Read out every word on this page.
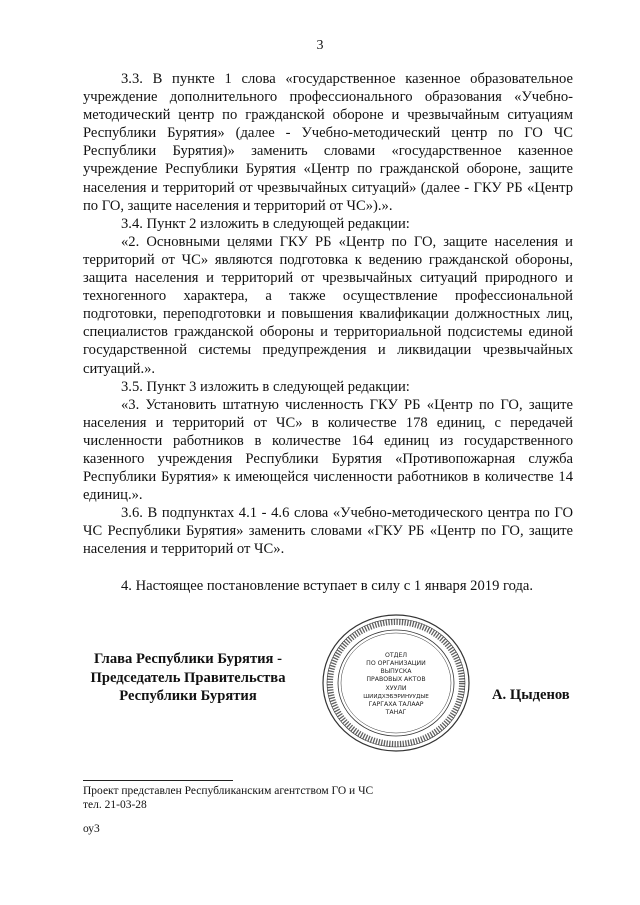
3

3.3. В пункте 1 слова «государственное казенное образовательное учреждение дополнительного профессионального образования «Учебно-методический центр по гражданской обороне и чрезвычайным ситуациям Республики Бурятия» (далее - Учебно-методический центр по ГО ЧС Республики Бурятия)» заменить словами «государственное казенное учреждение Республики Бурятия «Центр по гражданской обороне, защите населения и территорий от чрезвычайных ситуаций» (далее - ГКУ РБ «Центр по ГО, защите населения и территорий от ЧС»).».

3.4. Пункт 2 изложить в следующей редакции:

«2. Основными целями ГКУ РБ «Центр по ГО, защите населения и территорий от ЧС» являются подготовка к ведению гражданской обороны, защита населения и территорий от чрезвычайных ситуаций природного и техногенного характера, а также осуществление профессиональной подготовки, переподготовки и повышения квалификации должностных лиц, специалистов гражданской обороны и территориальной подсистемы единой государственной системы предупреждения и ликвидации чрезвычайных ситуаций.».

3.5. Пункт 3 изложить в следующей редакции:

«3. Установить штатную численность ГКУ РБ «Центр по ГО, защите населения и территорий от ЧС» в количестве 178 единиц, с передачей численности работников в количестве 164 единиц из государственного казенного учреждения Республики Бурятия «Противопожарная служба Республики Бурятия» к имеющейся численности работников в количестве 14 единиц.».

3.6. В подпунктах 4.1 - 4.6 слова «Учебно-методического центра по ГО ЧС Республики Бурятия» заменить словами «ГКУ РБ «Центр по ГО, защите населения и территорий от ЧС».

4. Настоящее постановление вступает в силу с 1 января 2019 года.

Глава Республики Бурятия -
Председатель Правительства
Республики Бурятия
ОТДЕЛ
ПО ОРГАНИЗАЦИИ
ВЫПУСКА
ПРАВОВЫХ АКТОВ
ХУУЛИ
ШИИДХЭБЭРИНУУДЫЕ
ГАРГАХА ТАЛААР
ТАНАГ
А. Цыденов
Проект представлен Республиканским агентством ГО и ЧС
тел. 21-03-28
оу3
